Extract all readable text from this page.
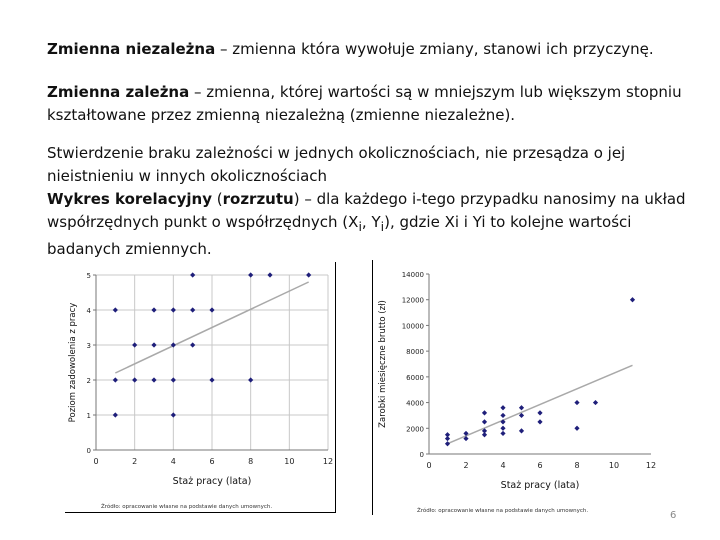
Zmienna niezależna – zmienna która wywołuje zmiany, stanowi ich przyczynę.
Zmienna zależna – zmienna, której wartości są w mniejszym lub większym stopniu kształtowane przez zmienną niezależną (zmienne niezależne).
Stwierdzenie braku zależności w jednych okolicznościach, nie przesądza o jej nieistnieniu w innych okolicznościach
Wykres korelacyjny (rozrzutu) – dla każdego i-tego przypadku nanosimy na układ współrzędnych punkt o współrzędnych ($X_i$, $Y_i$), gdzie Xi i Yi to kolejne wartości badanych zmiennych.
0	2	4	6	8	10	12
0
1
2
3
4
5
Staż pracy (lata)
Poziom zadowolenia z pracy
Źródło: opracowanie własne na podstawie danych umownych.
0	2	4	6	8	10	12
0
2000
4000
6000
8000
10000
12000
14000
Staż pracy (lata)
Zarobki miesięczne brutto (zł)
Źródło: opracowanie własne na podstawie danych umownych.	6
